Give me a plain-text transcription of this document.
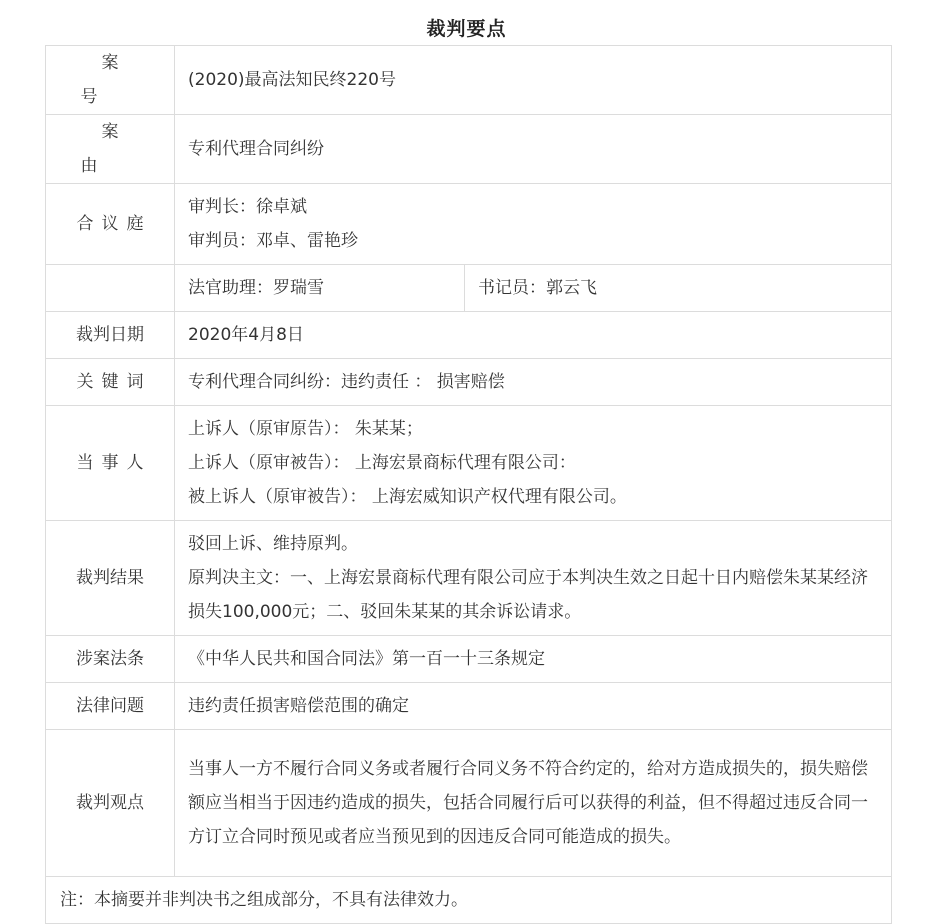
裁判要点
案号	(2020)最高法知民终220号	
案由	专利代理合同纠纷	
合议庭	审判长：徐卓斌
审判员：邓卓、雷艳珍	

	法官助理：罗瑞雪	书记员：郭云飞
裁判日期	2020年4月8日	
关键词	专利代理合同纠纷：违约责任 ： 损害赔偿	
当事人	上诉人（原审原告）： 朱某某；
上诉人（原审被告）： 上海宏景商标代理有限公司：
被上诉人（原审被告）： 上海宏威知识产权代理有限公司。	

裁判结果	驳回上诉、维持原判。
原判决主文：一、上海宏景商标代理有限公司应于本判决生效之日起十日内赔偿朱某某经济损失100,000元；二、驳回朱某某的其余诉讼请求。	

涉案法条	《中华人民共和国合同法》第一百一十三条规定	
法律问题	违约责任损害赔偿范围的确定	
裁判观点	当事人一方不履行合同义务或者履行合同义务不符合约定的，给对方造成损失的，损失赔偿额应当相当于因违约造成的损失，包括合同履行后可以获得的利益，但不得超过违反合同一方订立合同时预见或者应当预见到的因违反合同可能造成的损失。	
注：本摘要并非判决书之组成部分，不具有法律效力。		
